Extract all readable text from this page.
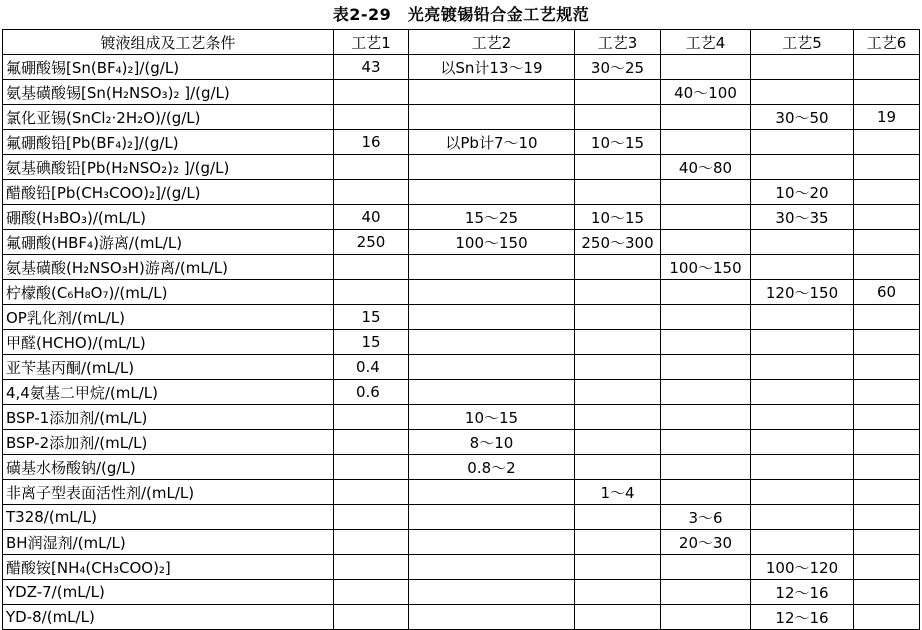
表2-29　光亮镀锡铅合金工艺规范
镀液组成及工艺条件	工艺1	工艺2	工艺3	工艺4	工艺5	工艺6
氟硼酸锡[Sn(BF₄)₂]/(g/L)	43	以Sn计13～19	30～25			
氨基磺酸锡[Sn(H₂NSO₃)₂ ]/(g/L)				40～100		
氯化亚锡(SnCl₂·2H₂O)/(g/L)					30～50	19
氟硼酸铅[Pb(BF₄)₂]/(g/L)	16	以Pb计7～10	10～15			
氨基碘酸铅[Pb(H₂NSO₂)₂ ]/(g/L)				40～80		
醋酸铅[Pb(CH₃COO)₂]/(g/L)					10～20	
硼酸(H₃BO₃)/(mL/L)	40	15～25	10～15		30～35	
氟硼酸(HBF₄)游离/(mL/L)	250	100～150	250～300			
氨基磺酸(H₂NSO₃H)游离/(mL/L)				100～150		
柠檬酸(C₆H₈O₇)/(mL/L)					120～150	60
OP乳化剂/(mL/L)	15					
甲醛(HCHO)/(mL/L)	15					
亚苄基丙酮/(mL/L)	0.4					
4,4氨基二甲烷/(mL/L)	0.6					
BSP-1添加剂/(mL/L)		10～15				
BSP-2添加剂/(mL/L)		8～10				
磺基水杨酸钠/(g/L)		0.8～2				
非离子型表面活性剂/(mL/L)			1～4			
T328/(mL/L)				3～6		
BH润湿剂/(mL/L)				20～30		
醋酸铵[NH₄(CH₃COO)₂]					100～120	
YDZ-7/(mL/L)					12～16	
YD-8/(mL/L)					12～16	
